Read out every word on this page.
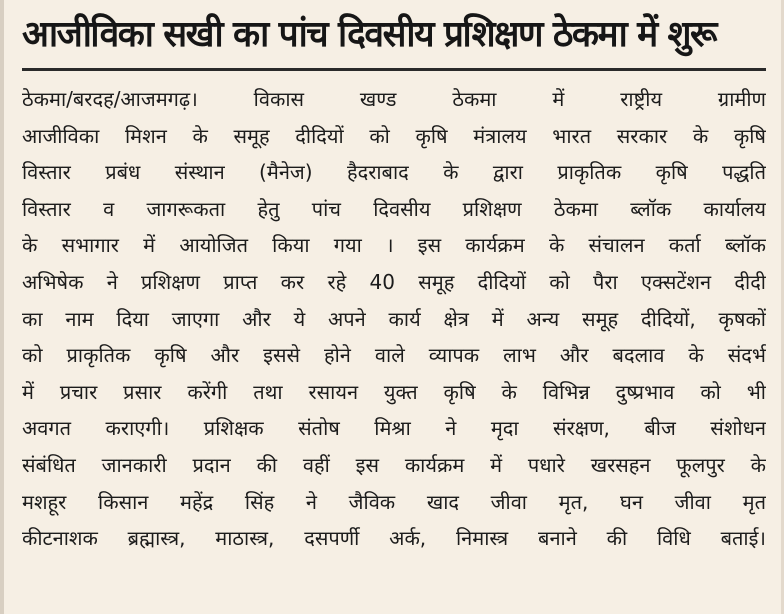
आजीविका सखी का पांच दिवसीय प्रशिक्षण ठेकमा में शुरू
ठेकमा/बरदह/आजमगढ़। विकास खण्ड ठेकमा में राष्ट्रीय ग्रामीण
आजीविका मिशन के समूह दीदियों को कृषि मंत्रालय भारत सरकार के कृषि
विस्तार प्रबंध संस्थान (मैनेज) हैदराबाद के द्वारा प्राकृतिक कृषि पद्धति
विस्तार व जागरूकता हेतु पांच दिवसीय प्रशिक्षण ठेकमा ब्लॉक कार्यालय
के सभागार में आयोजित किया गया । इस कार्यक्रम के संचालन कर्ता ब्लॉक
अभिषेक ने प्रशिक्षण प्राप्त कर रहे 40 समूह दीदियों को पैरा एक्सटेंशन दीदी
का नाम दिया जाएगा और ये अपने कार्य क्षेत्र में अन्य समूह दीदियों, कृषकों
को प्राकृतिक कृषि और इससे होने वाले व्यापक लाभ और बदलाव के संदर्भ
में प्रचार प्रसार करेंगी तथा रसायन युक्त कृषि के विभिन्न दुष्प्रभाव को भी
अवगत कराएगी। प्रशिक्षक संतोष मिश्रा ने मृदा संरक्षण, बीज संशोधन
संबंधित जानकारी प्रदान की वहीं इस कार्यक्रम में पधारे खरसहन फूलपुर के
मशहूर किसान महेंद्र सिंह ने जैविक खाद जीवा मृत, घन जीवा मृत
कीटनाशक ब्रह्मास्त्र, माठास्त्र, दसपर्णी अर्क, निमास्त्र बनाने की विधि बताई।
